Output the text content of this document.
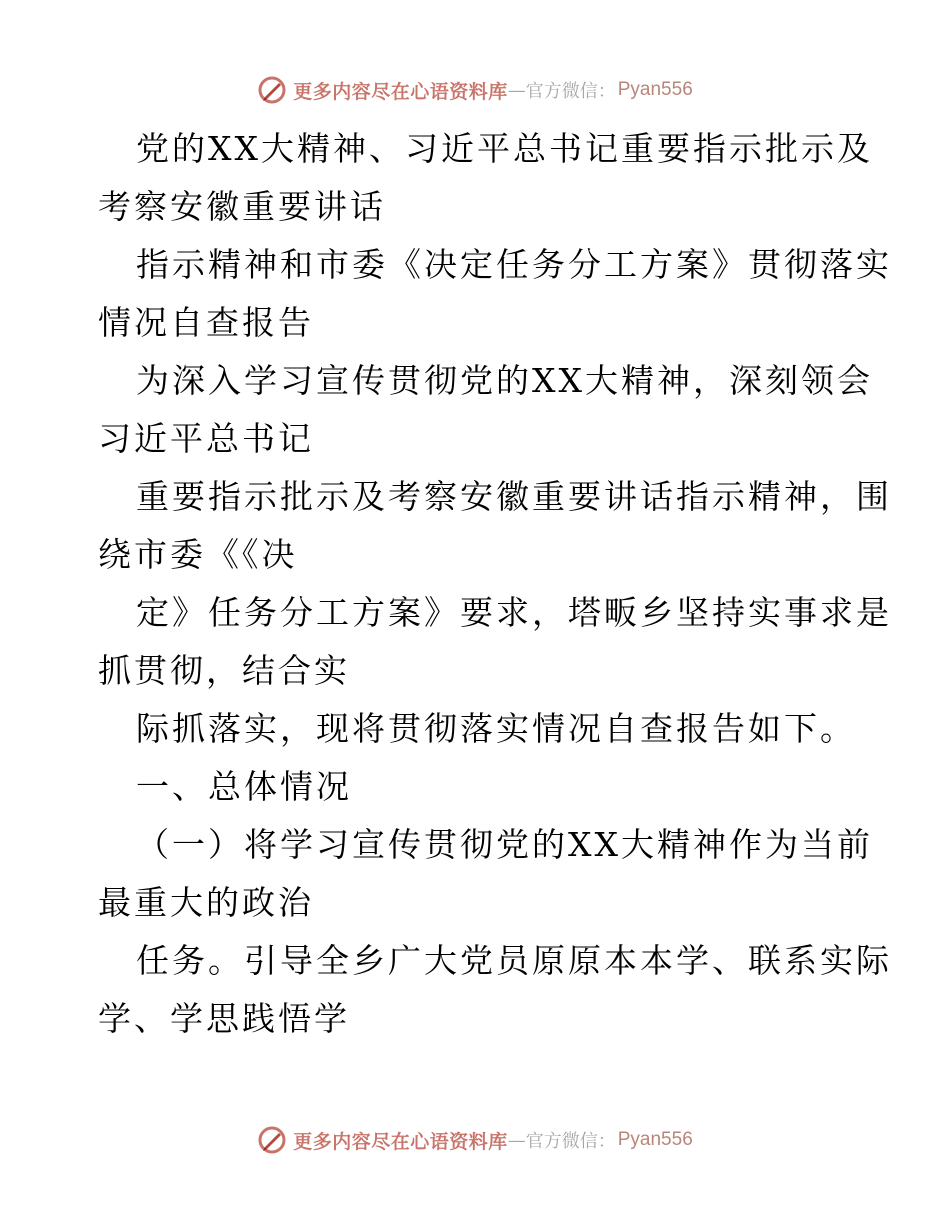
更多内容尽在心语资料库 — 官方微信： Pyan556
党的XX大精神、习近平总书记重要指示批示及
考察安徽重要讲话
指示精神和市委《决定任务分工方案》贯彻落实
情况自查报告
为深入学习宣传贯彻党的XX大精神，深刻领会
习近平总书记
重要指示批示及考察安徽重要讲话指示精神，围
绕市委《《决
定》任务分工方案》要求，塔畈乡坚持实事求是
抓贯彻，结合实
际抓落实，现将贯彻落实情况自查报告如下。
一、总体情况
（一）将学习宣传贯彻党的XX大精神作为当前
最重大的政治
任务。引导全乡广大党员原原本本学、联系实际
学、学思践悟学
更多内容尽在心语资料库 — 官方微信： Pyan556
